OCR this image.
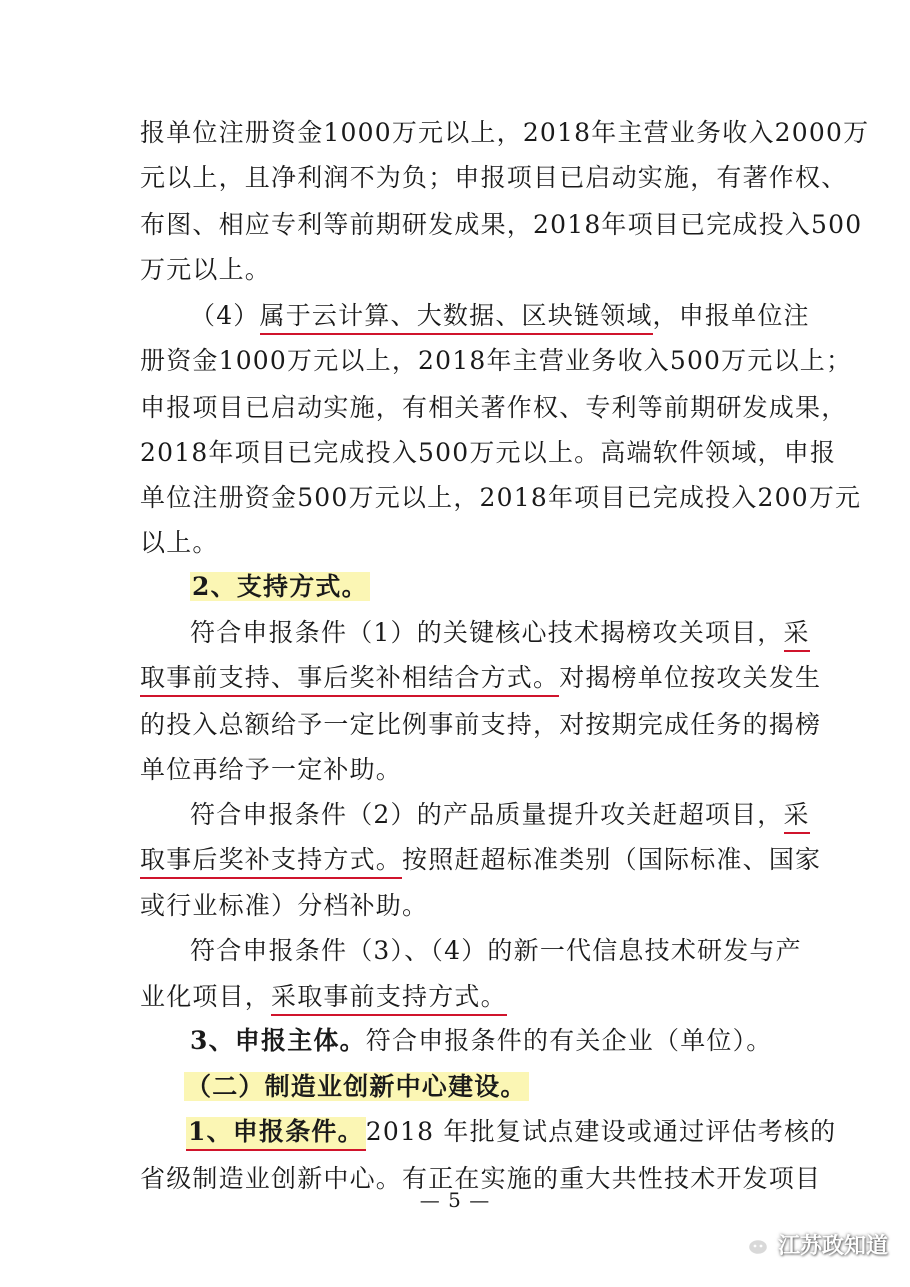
报单位注册资金1000万元以上，2018年主营业务收入2000万
元以上，且净利润不为负；申报项目已启动实施，有著作权、
布图、相应专利等前期研发成果，2018年项目已完成投入500
万元以上。
（4）属于云计算、大数据、区块链领域，申报单位注
册资金1000万元以上，2018年主营业务收入500万元以上；
申报项目已启动实施，有相关著作权、专利等前期研发成果，
2018年项目已完成投入500万元以上。高端软件领域，申报
单位注册资金500万元以上，2018年项目已完成投入200万元
以上。
2、支持方式。
符合申报条件（1）的关键核心技术揭榜攻关项目，采
取事前支持、事后奖补相结合方式。对揭榜单位按攻关发生
的投入总额给予一定比例事前支持，对按期完成任务的揭榜
单位再给予一定补助。
符合申报条件（2）的产品质量提升攻关赶超项目，采
取事后奖补支持方式。按照赶超标准类别（国际标准、国家
或行业标准）分档补助。
符合申报条件（3）、（4）的新一代信息技术研发与产
业化项目，采取事前支持方式。
3、申报主体。符合申报条件的有关企业（单位）。
（二）制造业创新中心建设。
1、申报条件。2018 年批复试点建设或通过评估考核的
省级制造业创新中心。有正在实施的重大共性技术开发项目
— 5 —
江苏政知道
